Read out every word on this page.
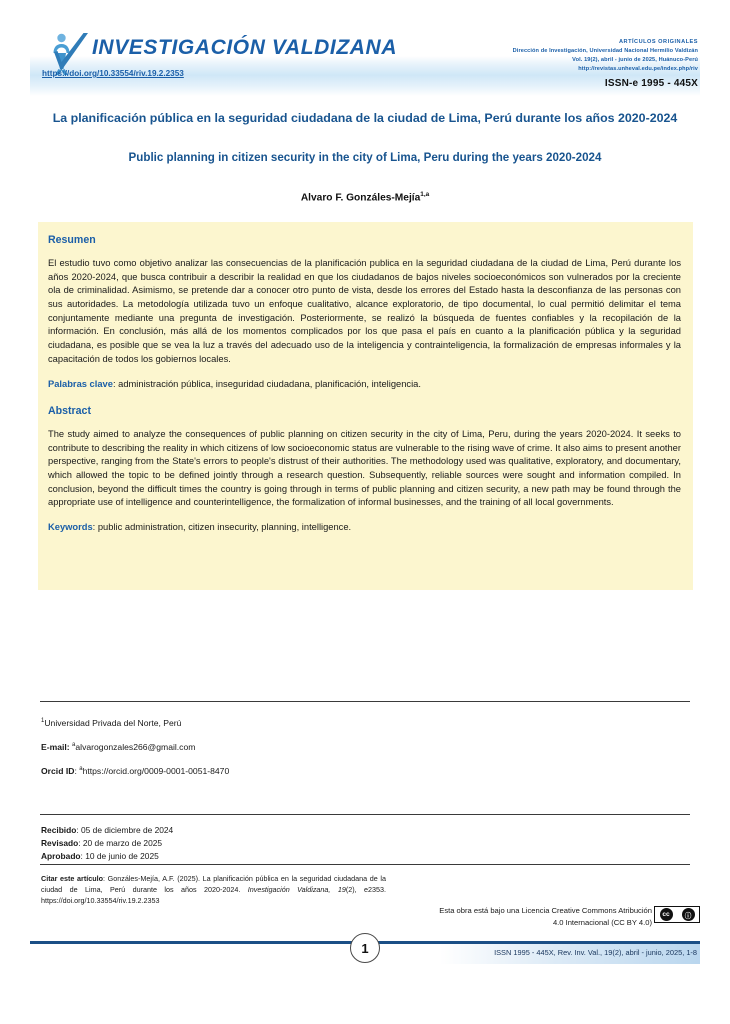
INVESTIGACIÓN VALDIZANA
https://doi.org/10.33554/riv.19.2.2353
ARTÍCULOS ORIGINALES
Dirección de Investigación, Universidad Nacional Hermilio Valdizán
Vol. 19(2), abril - junio de 2025, Huánuco-Perú
http://revistas.unheval.edu.pe/index.php/riv
ISSN-e 1995 - 445X
La planificación pública en la seguridad ciudadana de la ciudad de Lima, Perú durante los años 2020-2024
Public planning in citizen security in the city of Lima, Peru during the years 2020-2024
Alvaro F. Gonzáles-Mejía$^{1,a}$
Resumen
El estudio tuvo como objetivo analizar las consecuencias de la planificación publica en la seguridad ciudadana de la ciudad de Lima, Perú durante los años 2020-2024, que busca contribuir a describir la realidad en que los ciudadanos de bajos niveles socioeconómicos son vulnerados por la creciente ola de criminalidad. Asimismo, se pretende dar a conocer otro punto de vista, desde los errores del Estado hasta la desconfianza de las personas con sus autoridades. La metodología utilizada tuvo un enfoque cualitativo, alcance exploratorio, de tipo documental, lo cual permitió delimitar el tema conjuntamente mediante una pregunta de investigación. Posteriormente, se realizó la búsqueda de fuentes confiables y la recopilación de la información. En conclusión, más allá de los momentos complicados por los que pasa el país en cuanto a la planificación pública y la seguridad ciudadana, es posible que se vea la luz a través del adecuado uso de la inteligencia y contrainteligencia, la formalización de empresas informales y la capacitación de todos los gobiernos locales.
Palabras clave: administración pública, inseguridad ciudadana, planificación, inteligencia.
Abstract
The study aimed to analyze the consequences of public planning on citizen security in the city of Lima, Peru, during the years 2020-2024. It seeks to contribute to describing the reality in which citizens of low socioeconomic status are vulnerable to the rising wave of crime. It also aims to present another perspective, ranging from the State's errors to people's distrust of their authorities. The methodology used was qualitative, exploratory, and documentary, which allowed the topic to be defined jointly through a research question. Subsequently, reliable sources were sought and information compiled. In conclusion, beyond the difficult times the country is going through in terms of public planning and citizen security, a new path may be found through the appropriate use of intelligence and counterintelligence, the formalization of informal businesses, and the training of all local governments.
Keywords: public administration, citizen insecurity, planning, intelligence.
$^1$Universidad Privada del Norte, Perú
E-mail: $^a$alvarogonzales266@gmail.com
Orcid ID: $^a$https://orcid.org/0009-0001-0051-8470
Recibido: 05 de diciembre de 2024
Revisado: 20 de marzo de 2025
Aprobado: 10 de junio de 2025
Citar este artículo: Gonzáles-Mejía, A.F. (2025). La planificación pública en la seguridad ciudadana de la ciudad de Lima, Perú durante los años 2020-2024. Investigación Valdizana, 19(2), e2353. https://doi.org/10.33554/riv.19.2.2353
Esta obra está bajo una Licencia Creative Commons Atribución
4.0 Internacional (CC BY 4.0)
cc	ⓘ
ISSN 1995 - 445X, Rev. Inv. Val., 19(2), abril - junio, 2025, 1-8
1
